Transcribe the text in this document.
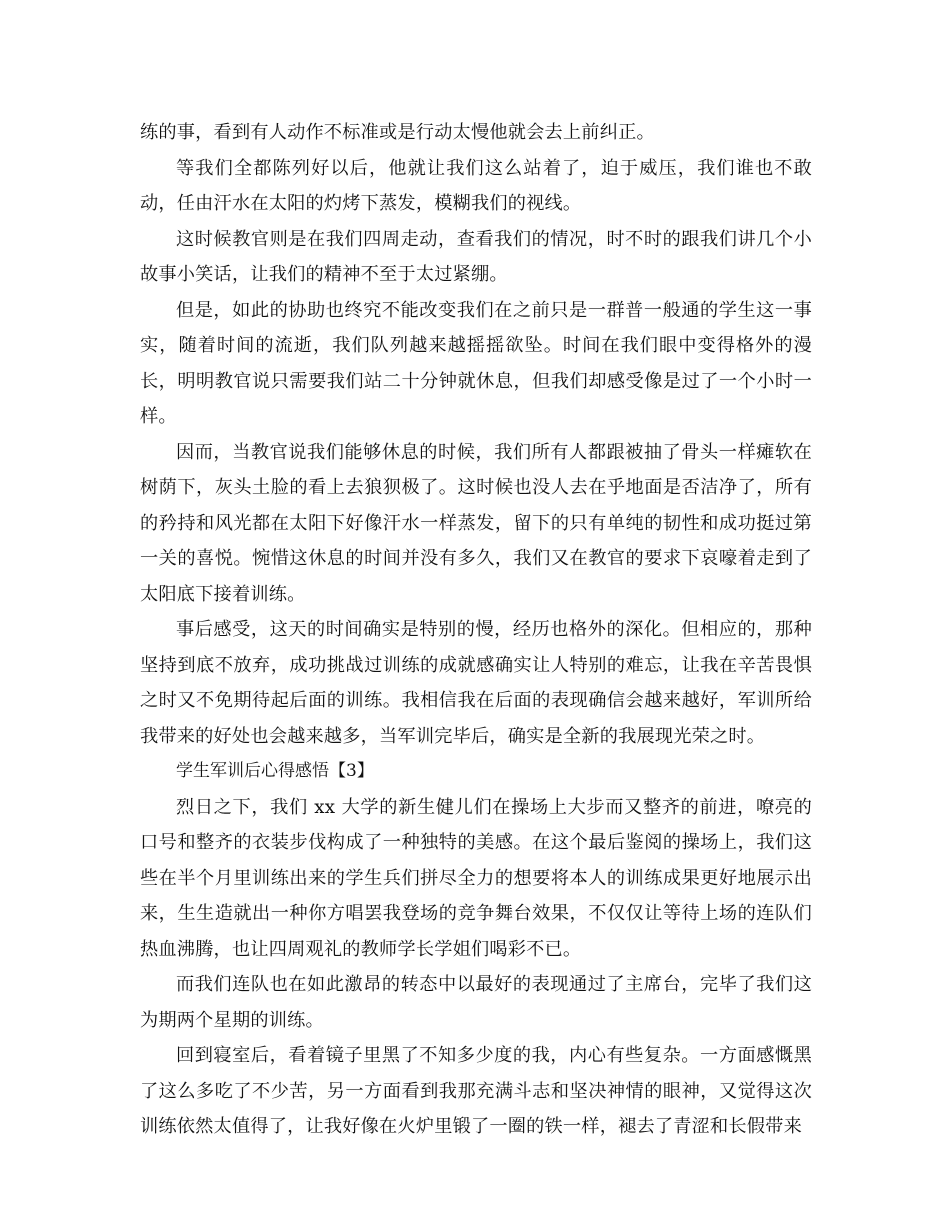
练的事，看到有人动作不标准或是行动太慢他就会去上前纠正。

等我们全都陈列好以后，他就让我们这么站着了，迫于威压，我们谁也不敢动，任由汗水在太阳的灼烤下蒸发，模糊我们的视线。

这时候教官则是在我们四周走动，查看我们的情况，时不时的跟我们讲几个小故事小笑话，让我们的精神不至于太过紧绷。

但是，如此的协助也终究不能改变我们在之前只是一群普一般通的学生这一事实，随着时间的流逝，我们队列越来越摇摇欲坠。时间在我们眼中变得格外的漫长，明明教官说只需要我们站二十分钟就休息，但我们却感受像是过了一个小时一样。

因而，当教官说我们能够休息的时候，我们所有人都跟被抽了骨头一样瘫软在树荫下，灰头土脸的看上去狼狈极了。这时候也没人去在乎地面是否洁净了，所有的矜持和风光都在太阳下好像汗水一样蒸发，留下的只有单纯的韧性和成功挺过第一关的喜悦。惋惜这休息的时间并没有多久，我们又在教官的要求下哀嚎着走到了太阳底下接着训练。

事后感受，这天的时间确实是特别的慢，经历也格外的深化。但相应的，那种坚持到底不放弃，成功挑战过训练的成就感确实让人特别的难忘，让我在辛苦畏惧之时又不免期待起后面的训练。我相信我在后面的表现确信会越来越好，军训所给我带来的好处也会越来越多，当军训完毕后，确实是全新的我展现光荣之时。

学生军训后心得感悟【3】

烈日之下，我们 xx 大学的新生健儿们在操场上大步而又整齐的前进，嘹亮的口号和整齐的衣装步伐构成了一种独特的美感。在这个最后鉴阅的操场上，我们这些在半个月里训练出来的学生兵们拼尽全力的想要将本人的训练成果更好地展示出来，生生造就出一种你方唱罢我登场的竞争舞台效果，不仅仅让等待上场的连队们热血沸腾，也让四周观礼的教师学长学姐们喝彩不已。

而我们连队也在如此激昂的转态中以最好的表现通过了主席台，完毕了我们这为期两个星期的训练。

回到寝室后，看着镜子里黑了不知多少度的我，内心有些复杂。一方面感慨黑了这么多吃了不少苦，另一方面看到我那充满斗志和坚决神情的眼神，又觉得这次训练依然太值得了，让我好像在火炉里锻了一圈的铁一样，褪去了青涩和长假带来
